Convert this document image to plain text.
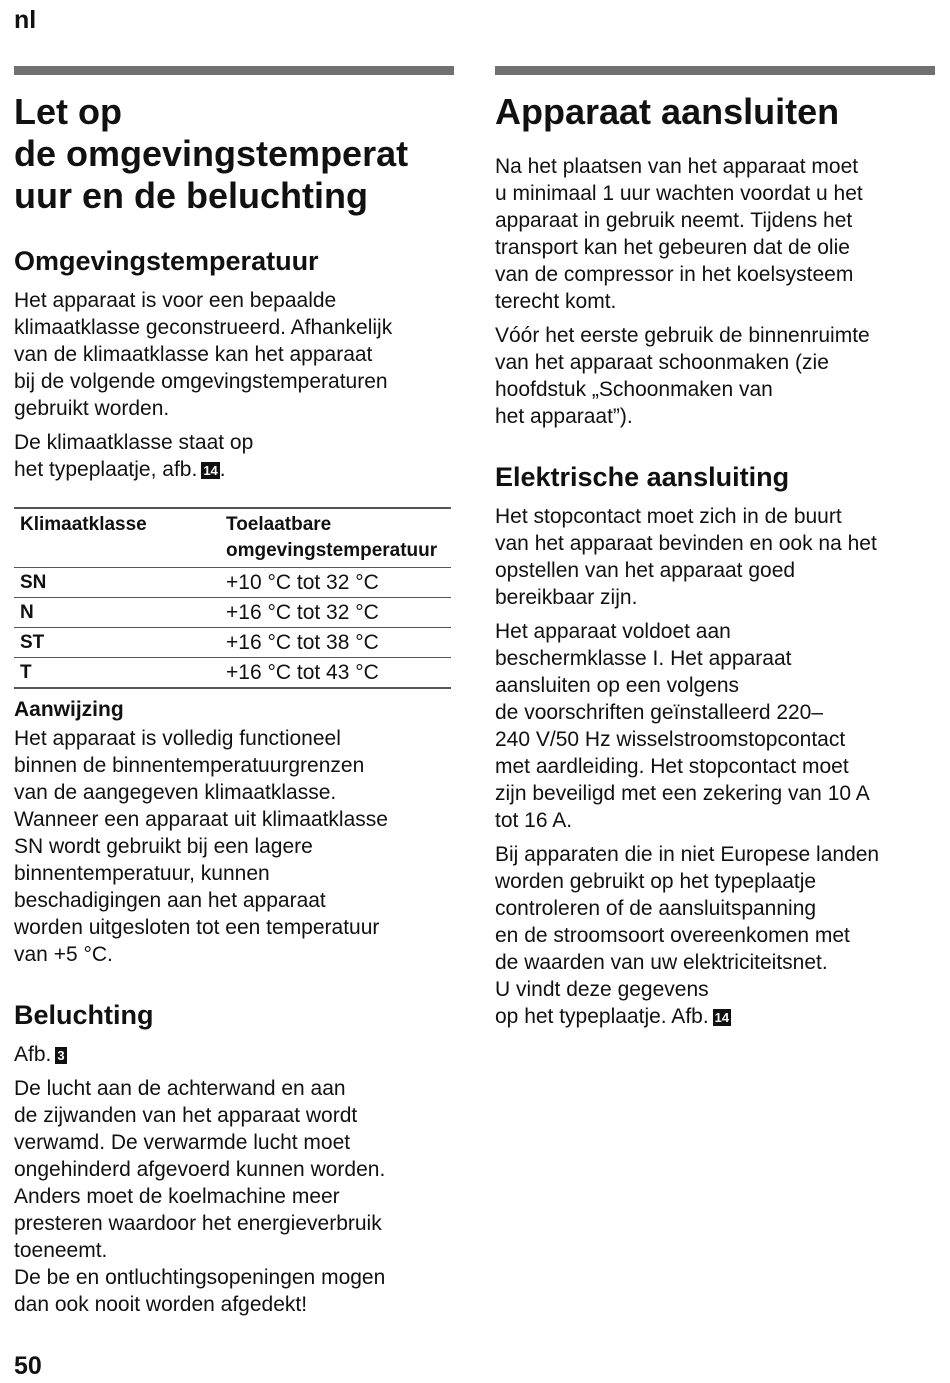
nl
Let op
de omgevingstemperat
uur en de beluchting
Omgevingstemperatuur

Het apparaat is voor een bepaalde
klimaatklasse geconstrueerd. Afhankelijk
van de klimaatklasse kan het apparaat
bij de volgende omgevingstemperaturen
gebruikt worden.

De klimaatklasse staat op
het typeplaatje, afb. 14.

Klimaatklasse	Toelaatbare
omgevingstemperatuur
SN	+10 °C tot 32 °C
N	+16 °C tot 32 °C
ST	+16 °C tot 38 °C
T	+16 °C tot 43 °C
Aanwijzing

Het apparaat is volledig functioneel
binnen de binnentemperatuurgrenzen
van de aangegeven klimaatklasse.
Wanneer een apparaat uit klimaatklasse
SN wordt gebruikt bij een lagere
binnentemperatuur, kunnen
beschadigingen aan het apparaat
worden uitgesloten tot een temperatuur
van +5 °C.

Beluchting

Afb. 3

De lucht aan de achterwand en aan
de zijwanden van het apparaat wordt
verwamd. De verwarmde lucht moet
ongehinderd afgevoerd kunnen worden.
Anders moet de koelmachine meer
presteren waardoor het energieverbruik
toeneemt.
De be en ontluchtingsopeningen mogen
dan ook nooit worden afgedekt!

Apparaat aansluiten

Na het plaatsen van het apparaat moet
u minimaal 1 uur wachten voordat u het
apparaat in gebruik neemt. Tijdens het
transport kan het gebeuren dat de olie
van de compressor in het koelsysteem
terecht komt.

Vóór het eerste gebruik de binnenruimte
van het apparaat schoonmaken (zie
hoofdstuk „Schoonmaken van
het apparaat”).

Elektrische aansluiting

Het stopcontact moet zich in de buurt
van het apparaat bevinden en ook na het
opstellen van het apparaat goed
bereikbaar zijn.

Het apparaat voldoet aan
beschermklasse I. Het apparaat
aansluiten op een volgens
de voorschriften geïnstalleerd 220–
240 V/50 Hz wisselstroomstopcontact
met aardleiding. Het stopcontact moet
zijn beveiligd met een zekering van 10 A
tot 16 A.

Bij apparaten die in niet Europese landen
worden gebruikt op het typeplaatje
controleren of de aansluitspanning
en de stroomsoort overeenkomen met
de waarden van uw elektriciteitsnet.
U vindt deze gegevens
op het typeplaatje. Afb. 14

50
